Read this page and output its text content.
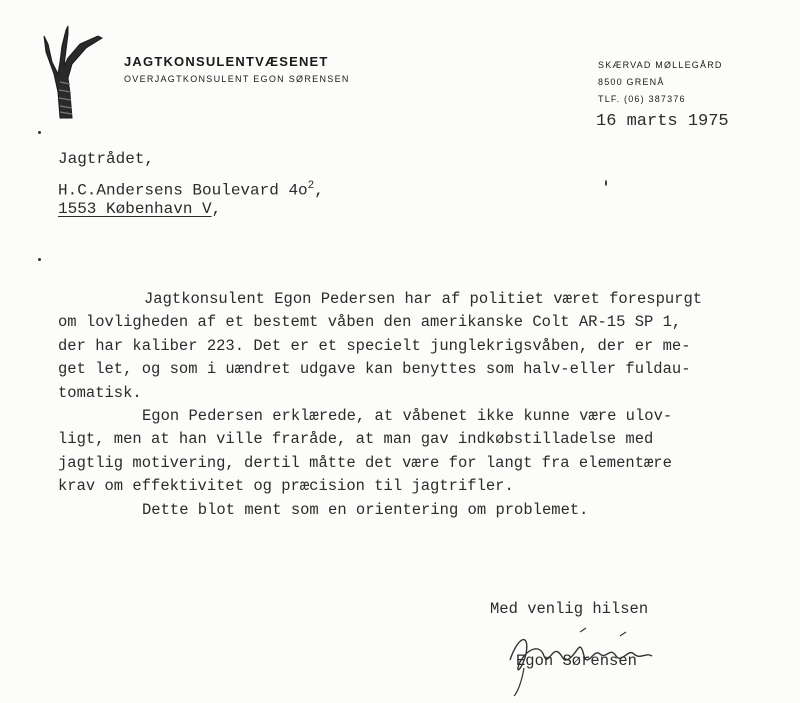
JAGTKONSULENTVÆSENET
OVERJAGTKONSULENT EGON SØRENSEN
SKÆRVAD MØLLEGÅRD
8500 GRENÅ
TLF. (06) 387376
16 marts 1975
Jagtrådet,
H.C.Andersens Boulevard $4o^2$,
1553 København V,

Jagtkonsulent Egon Pedersen har af politiet været forespurgt

om lovligheden af et bestemt våben den amerikanske Colt AR-15 SP 1,

der har kaliber 223. Det er et specielt junglekrigsvåben, der er me-

get let, og som i uændret udgave kan benyttes som halv-eller fuldau-

tomatisk.

Egon Pedersen erklærede, at våbenet ikke kunne være ulov-

ligt, men at han ville fraråde, at man gav indkøbstilladelse med

jagtlig motivering, dertil måtte det være for langt fra elementære

krav om effektivitet og præcision til jagtrifler.

Dette blot ment som en orientering om problemet.

Med venlig hilsen
Egon Sørensen
